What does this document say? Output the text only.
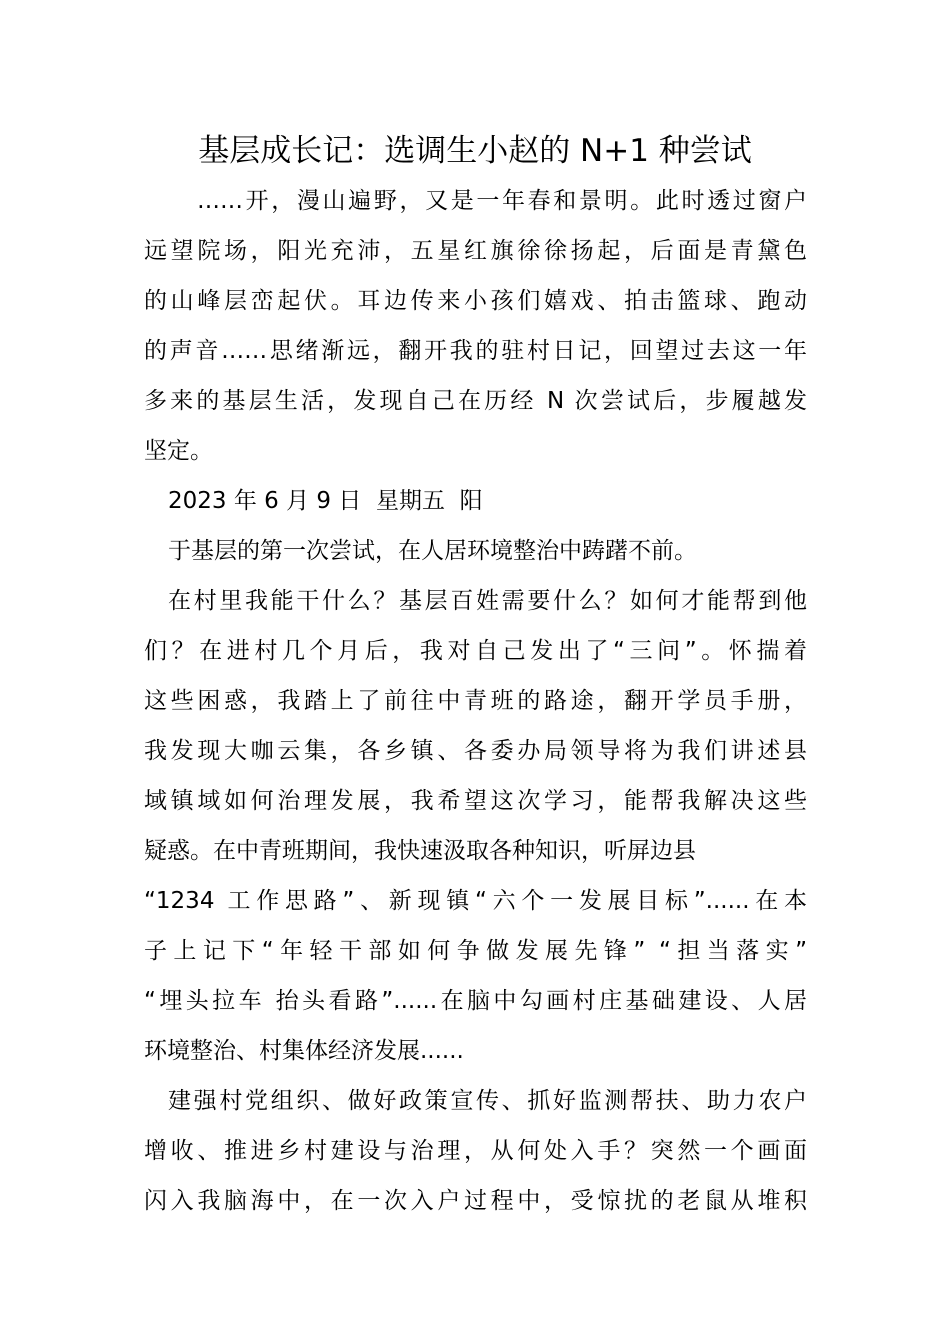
基层成长记：选调生小赵的 N+1 种尝试

……开，漫山遍野，又是一年春和景明。此时透过窗户

远望院场，阳光充沛，五星红旗徐徐扬起，后面是青黛色

的山峰层峦起伏。耳边传来小孩们嬉戏、拍击篮球、跑动

的声音……思绪渐远，翻开我的驻村日记，回望过去这一年

多来的基层生活，发现自己在历经 N 次尝试后，步履越发

坚定。

2023 年 6 月 9 日  星期五  阳

于基层的第一次尝试，在人居环境整治中踌躇不前。

在村里我能干什么？基层百姓需要什么？如何才能帮到他

们？在进村几个月后，我对自己发出了“三问”。怀揣着

这些困惑，我踏上了前往中青班的路途，翻开学员手册，

我发现大咖云集，各乡镇、各委办局领导将为我们讲述县

域镇域如何治理发展，我希望这次学习，能帮我解决这些

疑惑。在中青班期间，我快速汲取各种知识，听屏边县

“1234 工作思路”、新现镇“六个一发展目标”......在本

子上记下“年轻干部如何争做发展先锋” “担当落实”

“埋头拉车 抬头看路”......在脑中勾画村庄基础建设、人居

环境整治、村集体经济发展......

建强村党组织、做好政策宣传、抓好监测帮扶、助力农户

增收、推进乡村建设与治理，从何处入手？突然一个画面

闪入我脑海中，在一次入户过程中，受惊扰的老鼠从堆积
